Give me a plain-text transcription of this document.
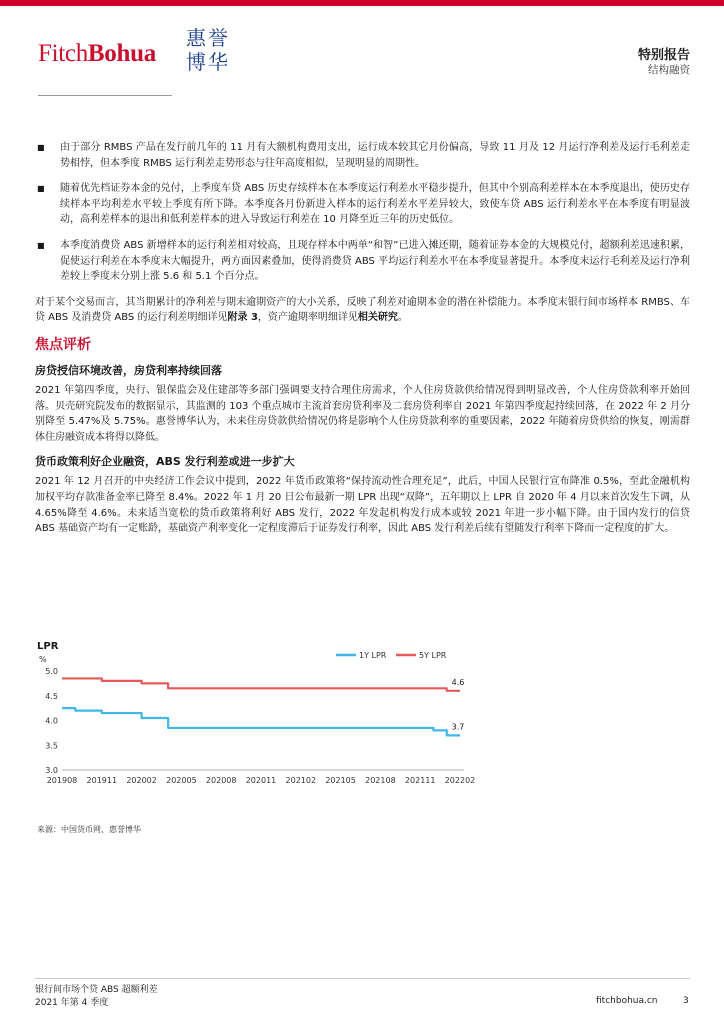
FitchBohua
惠誉博华	特别报告
结构融资
■ 由于部分 RMBS 产品在发行前几年的 11 月有大额机构费用支出，运行成本较其它月份偏高，导致 11 月及 12 月运行净利差及运行毛利差走势相悖，但本季度 RMBS 运行利差走势形态与往年高度相似，呈现明显的周期性。
■ 随着优先档证券本金的兑付，上季度车贷 ABS 历史存续样本在本季度运行利差水平稳步提升，但其中个别高利差样本在本季度退出，使历史存续样本平均利差水平较上季度有所下降。本季度各月份新进入样本的运行利差水平差异较大，致使车贷 ABS 运行利差水平在本季度有明显波动，高利差样本的退出和低利差样本的进入导致运行利差在 10 月降至近三年的历史低位。
■ 本季度消费贷 ABS 新增样本的运行利差相对较高，且现存样本中两单“和智”已进入摊还期，随着证券本金的大规模兑付，超额利差迅速积累，促使运行利差在本季度末大幅提升，两方面因素叠加，使得消费贷 ABS 平均运行利差水平在本季度显著提升。本季度末运行毛利差及运行净利差较上季度末分别上涨 5.6 和 5.1 个百分点。
对于某个交易而言，其当期累计的净利差与期末逾期资产的大小关系，反映了利差对逾期本金的潜在补偿能力。本季度末银行间市场样本 RMBS、车贷 ABS 及消费贷 ABS 的运行利差明细详见附录 3，资产逾期率明细详见相关研究。
焦点评析
房贷授信环境改善，房贷利率持续回落
2021 年第四季度，央行、银保监会及住建部等多部门强调要支持合理住房需求，个人住房贷款供给情况得到明显改善，个人住房贷款利率开始回落。贝壳研究院发布的数据显示，其监测的 103 个重点城市主流首套房贷利率及二套房贷利率自 2021 年第四季度起持续回落，在 2022 年 2 月分别降至 5.47%及 5.75%。惠誉博华认为，未来住房贷款供给情况仍将是影响个人住房贷款利率的重要因素，2022 年随着房贷供给的恢复，刚需群体住房融资成本将得以降低。
货币政策利好企业融资，ABS 发行利差或进一步扩大
2021 年 12 月召开的中央经济工作会议中提到，2022 年货币政策将“保持流动性合理充足”，此后，中国人民银行宣布降准 0.5%，至此金融机构加权平均存款准备金率已降至 8.4%。2022 年 1 月 20 日公布最新一期 LPR 出现“双降”，五年期以上 LPR 自 2020 年 4 月以来首次发生下调，从 4.65%降至 4.6%。未来适当宽松的货币政策将利好 ABS 发行，2022 年发起机构发行成本或较 2021 年进一步小幅下降。由于国内发行的信贷 ABS 基础资产均有一定账龄，基础资产利率变化一定程度滞后于证券发行利率，因此 ABS 发行利差后续有望随发行利率下降而一定程度的扩大。
LPR
%
3.0
3.5
4.0
4.5
5.0
201908 201911 202002 202005 202008 202011 202102 202105 202108 202111 202202
3.7
4.6
1Y LPR	5Y LPR
来源：中国货币网、惠誉博华
银行间市场个贷 ABS 超额利差
2021 年第 4 季度	fitchbohua.cn	3
